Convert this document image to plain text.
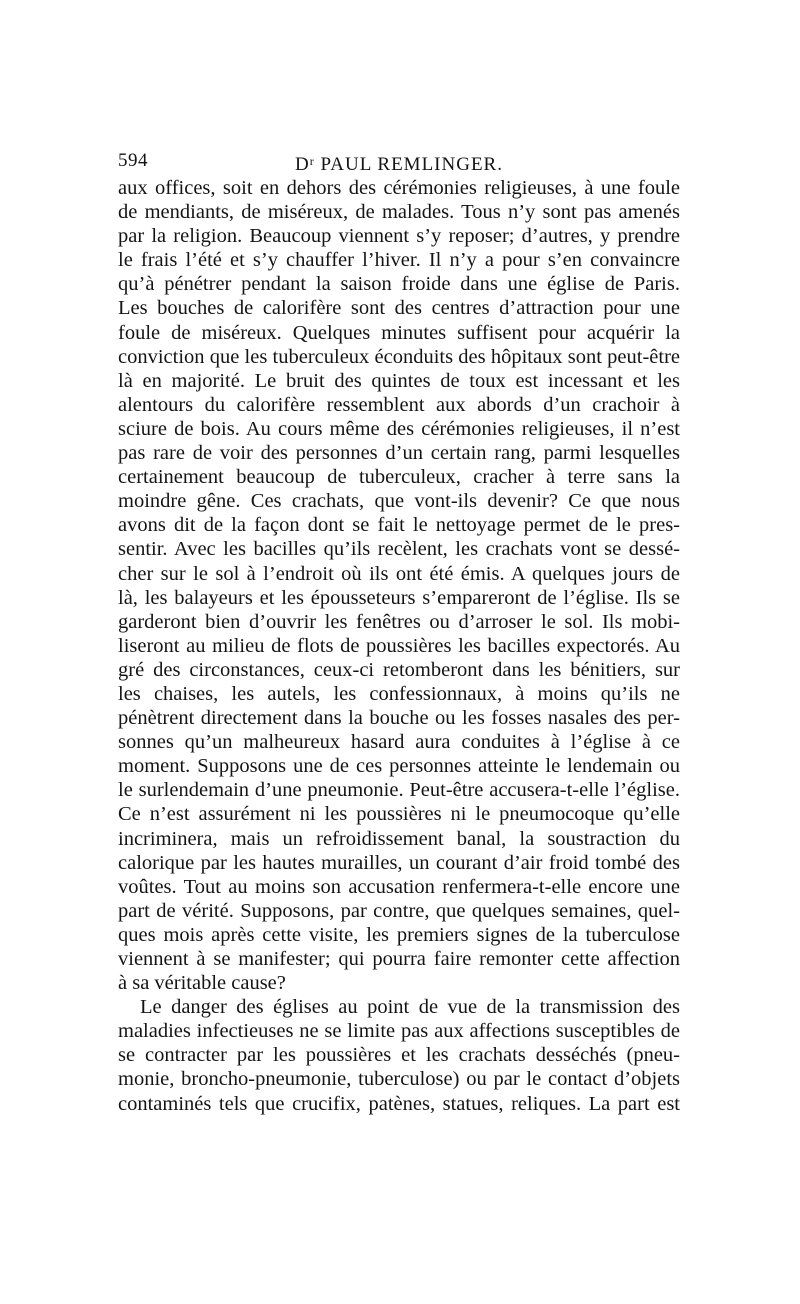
594	$D^r$ PAUL REMLINGER.

aux offices, soit en dehors des cérémonies religieuses, à une foule
de mendiants, de miséreux, de malades. Tous n’y sont pas amenés
par la religion. Beaucoup viennent s’y reposer; d’autres, y prendre
le frais l’été et s’y chauffer l’hiver. Il n’y a pour s’en convaincre
qu’à pénétrer pendant la saison froide dans une église de Paris.
Les bouches de calorifère sont des centres d’attraction pour une
foule de miséreux. Quelques minutes suffisent pour acquérir la
conviction que les tuberculeux éconduits des hôpitaux sont peut-être
là en majorité. Le bruit des quintes de toux est incessant et les
alentours du calorifère ressemblent aux abords d’un crachoir à
sciure de bois. Au cours même des cérémonies religieuses, il n’est
pas rare de voir des personnes d’un certain rang, parmi lesquelles
certainement beaucoup de tuberculeux, cracher à terre sans la
moindre gêne. Ces crachats, que vont-ils devenir? Ce que nous
avons dit de la façon dont se fait le nettoyage permet de le pres-
sentir. Avec les bacilles qu’ils recèlent, les crachats vont se dessé-
cher sur le sol à l’endroit où ils ont été émis. A quelques jours de
là, les balayeurs et les épousseteurs s’empareront de l’église. Ils se
garderont bien d’ouvrir les fenêtres ou d’arroser le sol. Ils mobi-
liseront au milieu de flots de poussières les bacilles expectorés. Au
gré des circonstances, ceux-ci retomberont dans les bénitiers, sur
les chaises, les autels, les confessionnaux, à moins qu’ils ne
pénètrent directement dans la bouche ou les fosses nasales des per-
sonnes qu’un malheureux hasard aura conduites à l’église à ce
moment. Supposons une de ces personnes atteinte le lendemain ou
le surlendemain d’une pneumonie. Peut-être accusera-t-elle l’église.
Ce n’est assurément ni les poussières ni le pneumocoque qu’elle
incriminera, mais un refroidissement banal, la soustraction du
calorique par les hautes murailles, un courant d’air froid tombé des
voûtes. Tout au moins son accusation renfermera-t-elle encore une
part de vérité. Supposons, par contre, que quelques semaines, quel-
ques mois après cette visite, les premiers signes de la tuberculose
viennent à se manifester; qui pourra faire remonter cette affection
à sa véritable cause?

Le danger des églises au point de vue de la transmission des
maladies infectieuses ne se limite pas aux affections susceptibles de
se contracter par les poussières et les crachats desséchés (pneu-
monie, broncho-pneumonie, tuberculose) ou par le contact d’objets
contaminés tels que crucifix, patènes, statues, reliques. La part est
